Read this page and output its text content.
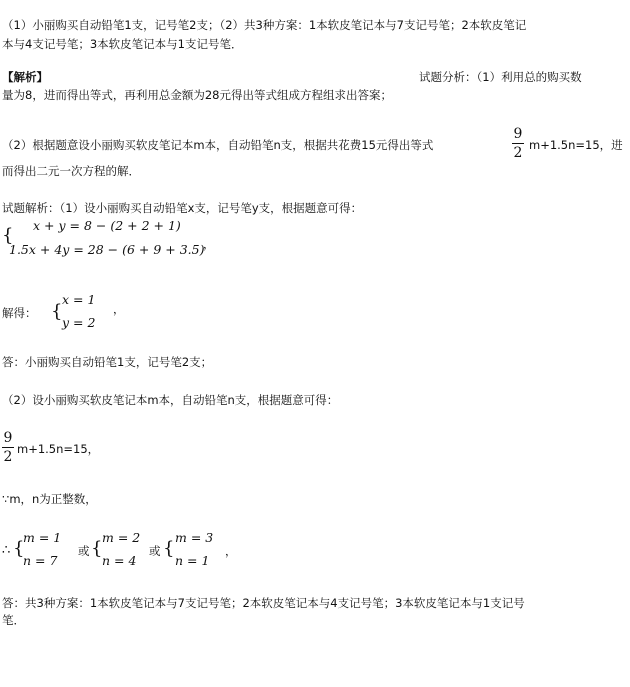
（1）小丽购买自动铅笔1支，记号笔2支；（2）共3种方案：1本软皮笔记本与7支记号笔；2本软皮笔记
本与4支记号笔；3本软皮笔记本与1支记号笔．
【解析】	试题分析：（1）利用总的购买数
量为8，进而得出等式，再利用总金额为28元得出等式组成方程组求出答案；
（2）根据题意设小丽购买软皮笔记本m本，自动铅笔n支，根据共花费15元得出等式
9
2 m+1.5n=15，进
而得出二元一次方程的解．
试题解析：（1）设小丽购买自动铅笔x支，记号笔y支，根据题意可得：
{ x + y = 8 − (2 + 2 + 1)
1.5x + 4y = 28 − (6 + 9 + 3.5)
，
解得： {
x = 1
y = 2
，
答：小丽购买自动铅笔1支，记号笔2支；
（2）设小丽购买软皮笔记本m本，自动铅笔n支，根据题意可得：
9
2 m+1.5n=15，
∵m，n为正整数，
∴ {
m = 1
n = 7
或 {
m = 2
n = 4
或 {
m = 3
n = 1
，
答：共3种方案：1本软皮笔记本与7支记号笔；2本软皮笔记本与4支记号笔；3本软皮笔记本与1支记号
笔．
